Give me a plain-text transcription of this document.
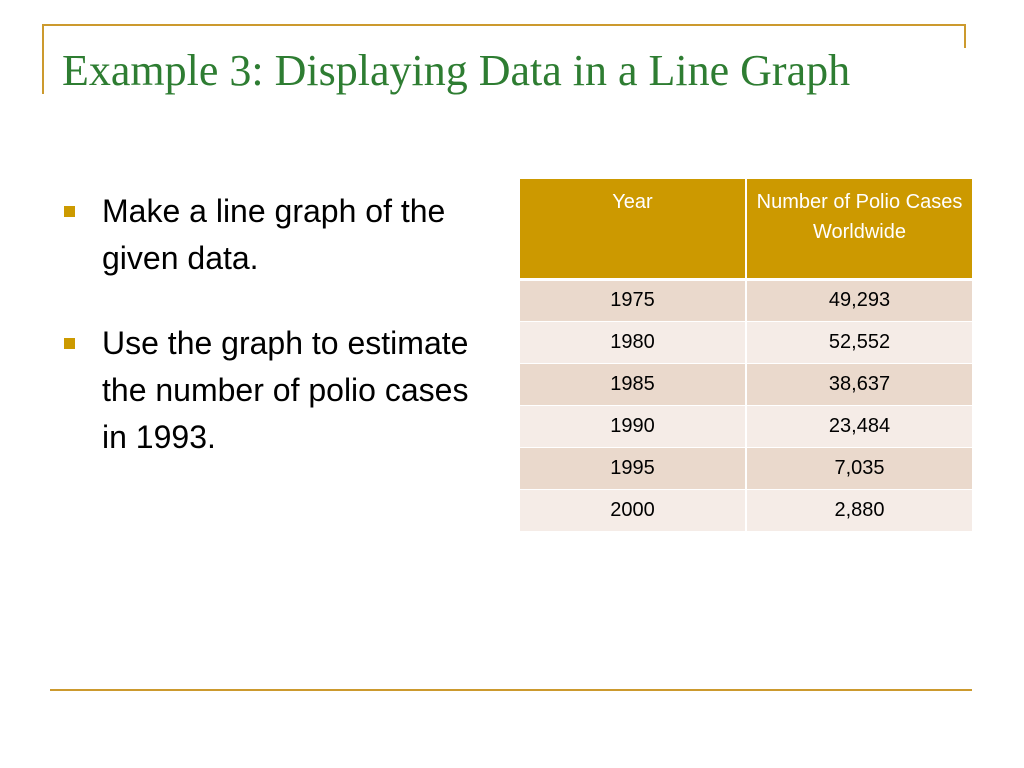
Example 3: Displaying Data in a Line Graph
Make a line graph of the given data.
Use the graph to estimate the number of polio cases in 1993.
Year	Number of Polio Cases Worldwide
1975	49,293
1980	52,552
1985	38,637
1990	23,484
1995	7,035
2000	2,880
